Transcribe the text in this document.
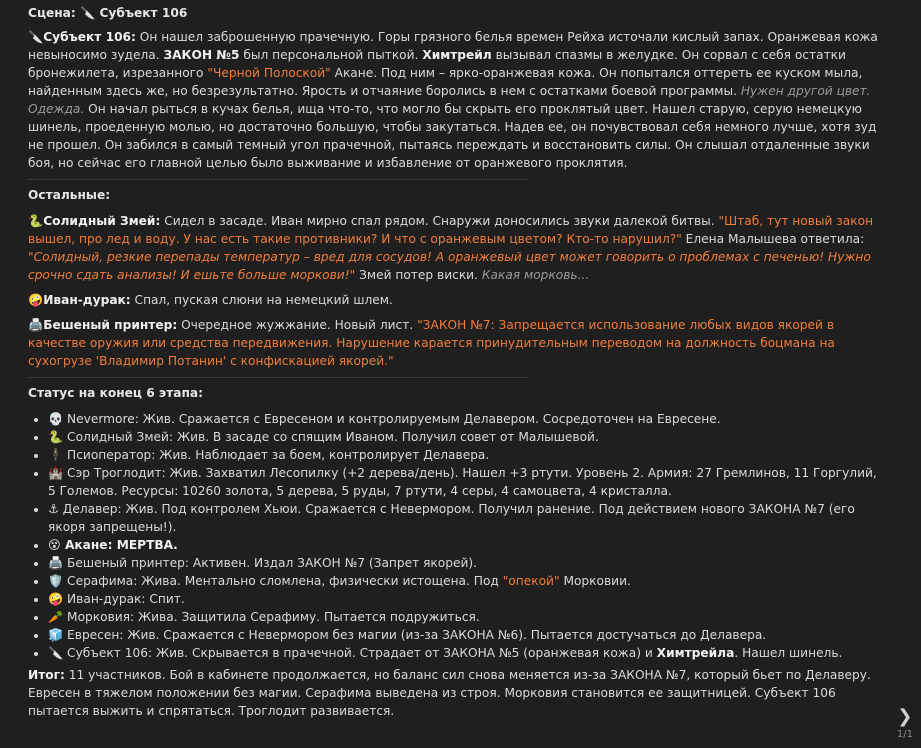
Сцена: 🔪 Субъект 106

🔪Субъект 106: Он нашел заброшенную прачечную. Горы грязного белья времен Рейха источали кислый запах. Оранжевая кожа невыносимо зудела. ЗАКОН №5 был персональной пыткой. Химтрейл вызывал спазмы в желудке. Он сорвал с себя остатки бронежилета, изрезанного "Черной Полоской" Акане. Под ним – ярко-оранжевая кожа. Он попытался оттереть ее куском мыла, найденным здесь же, но безрезультатно. Ярость и отчаяние боролись в нем с остатками боевой программы. Нужен другой цвет. Одежда. Он начал рыться в кучах белья, ища что-то, что могло бы скрыть его проклятый цвет. Нашел старую, серую немецкую шинель, проеденную молью, но достаточно большую, чтобы закутаться. Надев ее, он почувствовал себя немного лучше, хотя зуд не прошел. Он забился в самый темный угол прачечной, пытаясь переждать и восстановить силы. Он слышал отдаленные звуки боя, но сейчас его главной целью было выживание и избавление от оранжевого проклятия.

Остальные:

🐍Солидный Змей: Сидел в засаде. Иван мирно спал рядом. Снаружи доносились звуки далекой битвы. "Штаб, тут новый закон вышел, про лед и воду. У нас есть такие противники? И что с оранжевым цветом? Кто-то нарушил?" Елена Малышева ответила: "Солидный, резкие перепады температур – вред для сосудов! А оранжевый цвет может говорить о проблемах с печенью! Нужно срочно сдать анализы! И ешьте больше моркови!" Змей потер виски. Какая морковь...

🤪Иван-дурак: Спал, пуская слюни на немецкий шлем.

🖨️Бешеный принтер: Очередное жужжание. Новый лист. "ЗАКОН №7: Запрещается использование любых видов якорей в качестве оружия или средства передвижения. Нарушение карается принудительным переводом на должность боцмана на сухогрузе 'Владимир Потанин' с конфискацией якорей."

Статус на конец 6 этапа:

• 💀 Nevermore: Жив. Сражается с Евресеном и контролируемым Делавером. Сосредоточен на Евресене.
• 🐍 Солидный Змей: Жив. В засаде со спящим Иваном. Получил совет от Малышевой.
• 🕴️ Псиоператор: Жив. Наблюдает за боем, контролирует Делавера.
• 🏰 Сэр Троглодит: Жив. Захватил Лесопилку (+2 дерева/день). Нашел +3 ртути. Уровень 2. Армия: 27 Гремлинов, 11 Горгулий, 5 Големов. Ресурсы: 10260 золота, 5 дерева, 5 руды, 7 ртути, 4 серы, 4 самоцвета, 4 кристалла.
• ⚓ Делавер: Жив. Под контролем Хьюи. Сражается с Невермором. Получил ранение. Под действием нового ЗАКОНА №7 (его якоря запрещены!).
• 😵 Акане: МЕРТВА.
• 🖨️ Бешеный принтер: Активен. Издал ЗАКОН №7 (Запрет якорей).
• 🛡️ Серафима: Жива. Ментально сломлена, физически истощена. Под "опекой" Морковии.
• 🤪 Иван-дурак: Спит.
• 🥕 Морковия: Жива. Защитила Серафиму. Пытается подружиться.
• 🧊 Евресен: Жив. Сражается с Невермором без магии (из-за ЗАКОНА №6). Пытается достучаться до Делавера.
• 🔪 Субъект 106: Жив. Скрывается в прачечной. Страдает от ЗАКОНА №5 (оранжевая кожа) и Химтрейла. Нашел шинель.

Итог: 11 участников. Бой в кабинете продолжается, но баланс сил снова меняется из-за ЗАКОНА №7, который бьет по Делаверу. Евресен в тяжелом положении без магии. Серафима выведена из строя. Морковия становится ее защитницей. Субъект 106 пытается выжить и спрятаться. Троглодит развивается.	❯
1/1
